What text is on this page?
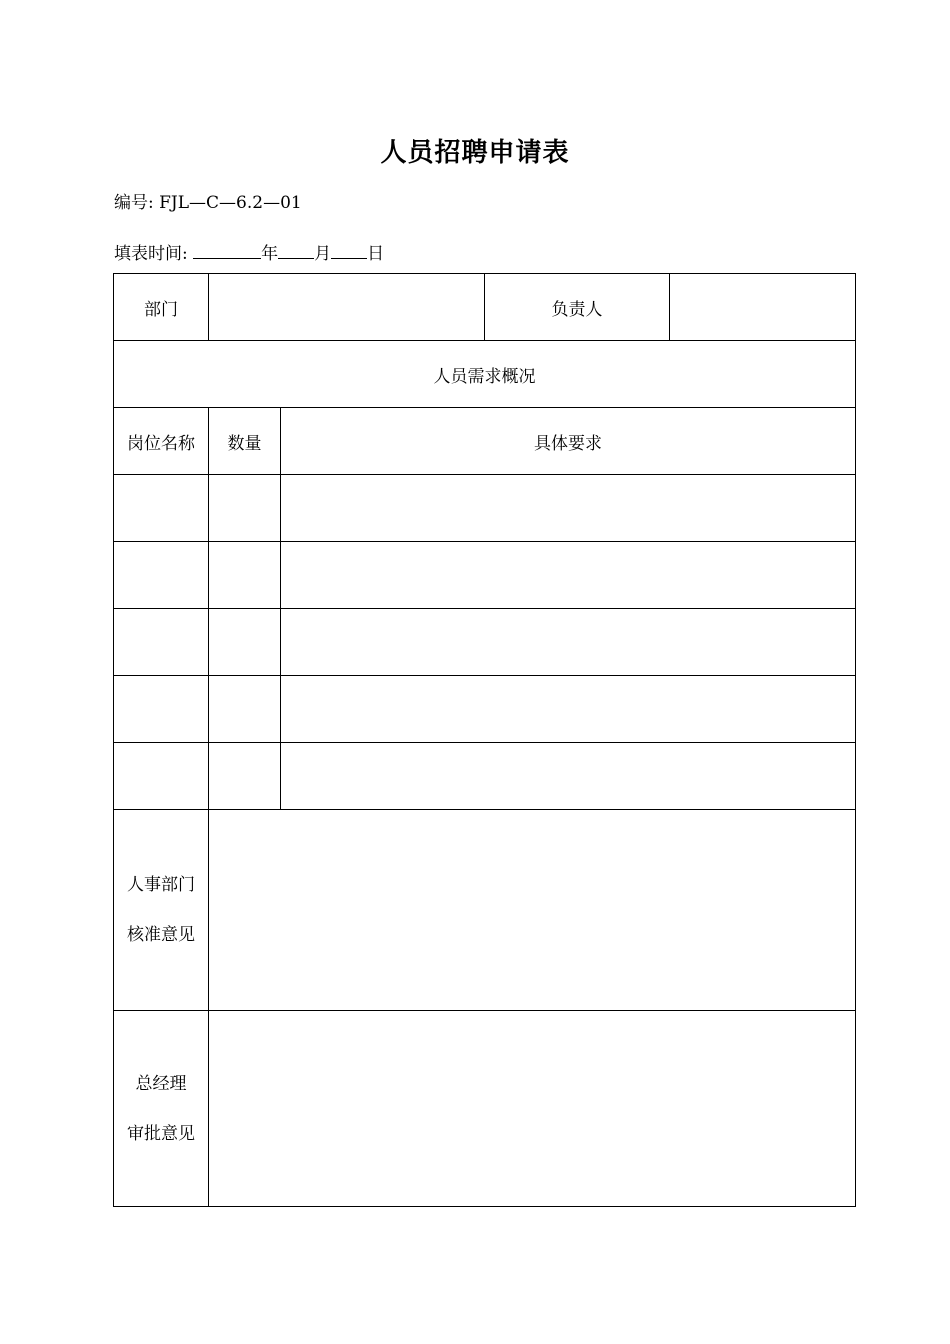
人员招聘申请表
编号: FJL—C—6.2—01
填表时间:	年 月 日
部门			负责人	
人员需求概况				
岗位名称	数量	具体要求		

人事部门
核准意见				

总经理
审批意见				
